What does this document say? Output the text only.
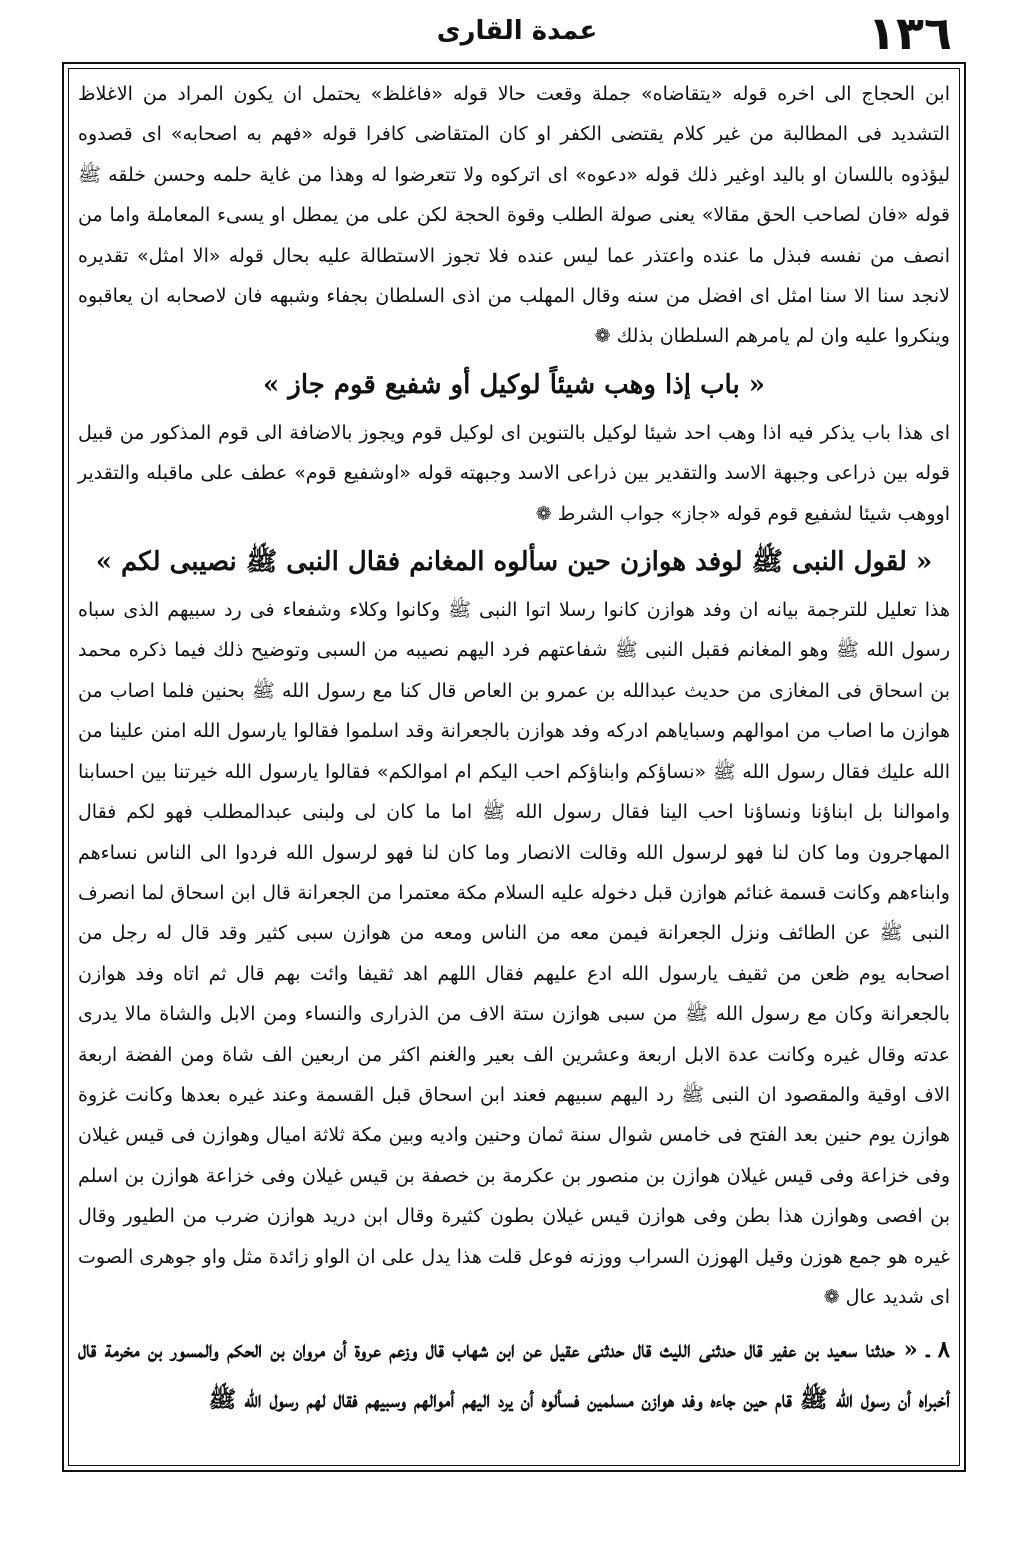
١٣٦
عمدة القارى

ابن الحجاج الى اخره قوله «يتقاضاه» جملة وقعت حالا قوله «فاغلظ» يحتمل ان يكون المراد من الاغلاظ التشديد فى المطالبة من غير كلام يقتضى الكفر او كان المتقاضى كافرا قوله «فهم به اصحابه» اى قصدوه ليؤذوه باللسان او باليد اوغير ذلك قوله «دعوه» اى اتركوه ولا تتعرضوا له وهذا من غاية حلمه وحسن خلقه ﷺ قوله «فان لصاحب الحق مقالا» يعنى صولة الطلب وقوة الحجة لكن على من يمطل او يسىء المعاملة واما من انصف من نفسه فبذل ما عنده واعتذر عما ليس عنده فلا تجوز الاستطالة عليه بحال قوله «الا امثل» تقديره لانجد سنا الا سنا امثل اى افضل من سنه وقال المهلب من اذى السلطان بجفاء وشبهه فان لاصحابه ان يعاقبوه وينكروا عليه وان لم يامرهم السلطان بذلك ❁

« باب إذا وهب شيئاً لوكيل أو شفيع قوم جاز »

اى هذا باب يذكر فيه اذا وهب احد شيئا لوكيل بالتنوين اى لوكيل قوم ويجوز بالاضافة الى قوم المذكور من قبيل قوله بين ذراعى وجبهة الاسد والتقدير بين ذراعى الاسد وجبهته قوله «اوشفيع قوم» عطف على ماقبله والتقدير اووهب شيئا لشفيع قوم قوله «جاز» جواب الشرط ❁

« لقول النبى ﷺ لوفد هوازن حين سألوه المغانم فقال النبى ﷺ نصيبى لكم »

هذا تعليل للترجمة بيانه ان وفد هوازن كانوا رسلا اتوا النبى ﷺ وكانوا وكلاء وشفعاء فى رد سبيهم الذى سباه رسول الله ﷺ وهو المغانم فقبل النبى ﷺ شفاعتهم فرد اليهم نصيبه من السبى وتوضيح ذلك فيما ذكره محمد بن اسحاق فى المغازى من حديث عبدالله بن عمرو بن العاص قال كنا مع رسول الله ﷺ بحنين فلما اصاب من هوازن ما اصاب من اموالهم وسباياهم ادركه وفد هوازن بالجعرانة وقد اسلموا فقالوا يارسول الله امنن علينا من الله عليك فقال رسول الله ﷺ «نساؤكم وابناؤكم احب اليكم ام اموالكم» فقالوا يارسول الله خيرتنا بين احسابنا واموالنا بل ابناؤنا ونساؤنا احب الينا فقال رسول الله ﷺ اما ما كان لى ولبنى عبدالمطلب فهو لكم فقال المهاجرون وما كان لنا فهو لرسول الله وقالت الانصار وما كان لنا فهو لرسول الله فردوا الى الناس نساءهم وابناءهم وكانت قسمة غنائم هوازن قبل دخوله عليه السلام مكة معتمرا من الجعرانة قال ابن اسحاق لما انصرف النبى ﷺ عن الطائف ونزل الجعرانة فيمن معه من الناس ومعه من هوازن سبى كثير وقد قال له رجل من اصحابه يوم ظعن من ثقيف يارسول الله ادع عليهم فقال اللهم اهد ثقيفا وائت بهم قال ثم اتاه وفد هوازن بالجعرانة وكان مع رسول الله ﷺ من سبى هوازن ستة الاف من الذرارى والنساء ومن الابل والشاة مالا يدرى عدته وقال غيره وكانت عدة الابل اربعة وعشرين الف بعير والغنم اكثر من اربعين الف شاة ومن الفضة اربعة الاف اوقية والمقصود ان النبى ﷺ رد اليهم سبيهم فعند ابن اسحاق قبل القسمة وعند غيره بعدها وكانت غزوة هوازن يوم حنين بعد الفتح فى خامس شوال سنة ثمان وحنين واديه وبين مكة ثلاثة اميال وهوازن فى قيس غيلان وفى خزاعة وفى قيس غيلان هوازن بن منصور بن عكرمة بن خصفة بن قيس غيلان وفى خزاعة هوازن بن اسلم بن افصى وهوازن هذا بطن وفى هوازن قيس غيلان بطون كثيرة وقال ابن دريد هوازن ضرب من الطيور وقال غيره هو جمع هوزن وقيل الهوزن السراب ووزنه فوعل قلت هذا يدل على ان الواو زائدة مثل واو جوهرى الصوت اى شديد عال ❁

٨ ـ « حدثنا سعيد بن عفير قال حدثنى الليث قال حدثنى عقيل عن ابن شهاب قال وزعم عروة أن مروان بن الحكم والمسور بن مخرمة قال أخبراه أن رسول الله ﷺ قام حين جاءه وفد هوازن مسلمين فسألوه أن يرد اليهم أموالهم وسبيهم فقال لهم رسول الله ﷺ
